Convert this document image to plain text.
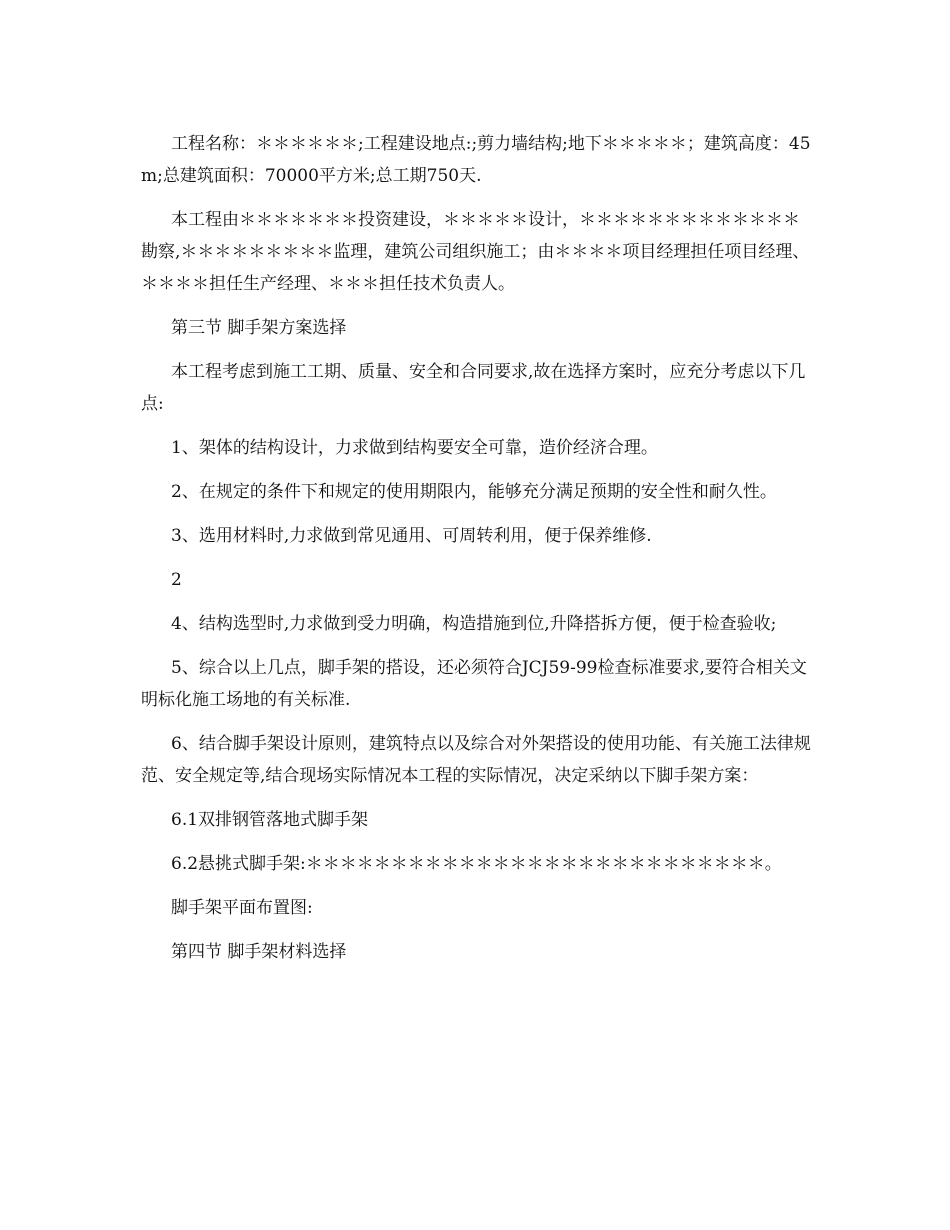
工程名称：＊＊＊＊＊＊;工程建设地点:;剪力墙结构;地下＊＊＊＊＊；建筑高度：45m;总建筑面积：70000平方米;总工期750天.

本工程由＊＊＊＊＊＊＊投资建设，＊＊＊＊＊设计，＊＊＊＊＊＊＊＊＊＊＊＊＊勘察,＊＊＊＊＊＊＊＊＊监理，建筑公司组织施工；由＊＊＊＊项目经理担任项目经理、＊＊＊＊担任生产经理、＊＊＊担任技术负责人。

第三节 脚手架方案选择

本工程考虑到施工工期、质量、安全和合同要求,故在选择方案时，应充分考虑以下几点:

1、架体的结构设计，力求做到结构要安全可靠，造价经济合理。

2、在规定的条件下和规定的使用期限内，能够充分满足预期的安全性和耐久性。

3、选用材料时,力求做到常见通用、可周转利用，便于保养维修.

2

4、结构选型时,力求做到受力明确，构造措施到位,升降搭拆方便，便于检查验收;

5、综合以上几点，脚手架的搭设，还必须符合JCJ59-99检查标准要求,要符合相关文明标化施工场地的有关标准.

6、结合脚手架设计原则，建筑特点以及综合对外架搭设的使用功能、有关施工法律规范、安全规定等,结合现场实际情况本工程的实际情况，决定采纳以下脚手架方案：

6.1双排钢管落地式脚手架

6.2悬挑式脚手架:＊＊＊＊＊＊＊＊＊＊＊＊＊＊＊＊＊＊＊＊＊＊＊＊＊＊＊。

脚手架平面布置图:

第四节 脚手架材料选择
